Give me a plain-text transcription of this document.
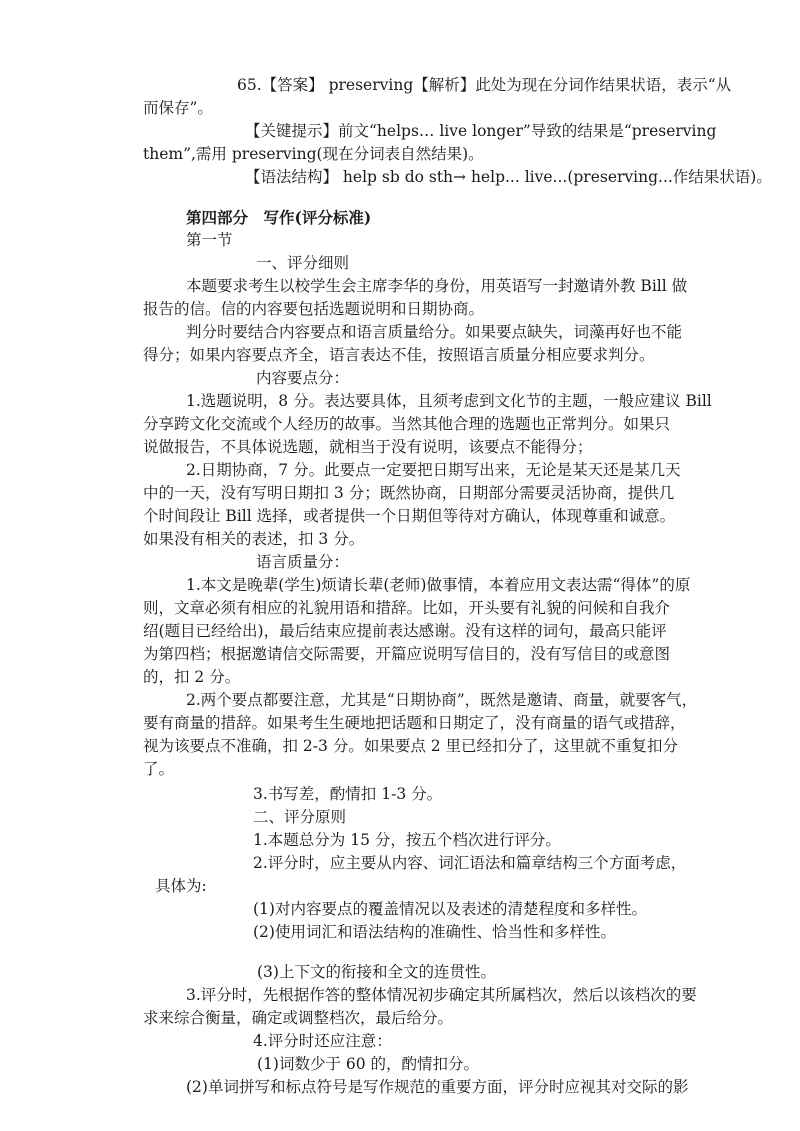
65.【答案】 preserving【解析】此处为现在分词作结果状语，表示“从
而保存”。
【关键提示】前文“helps… live longer”导致的结果是“preserving
them”,需用 preserving(现在分词表自然结果)。
【语法结构】 help sb do sth→ help... live...(preserving...作结果状语)。
第四部分　写作(评分标准)
第一节
一、评分细则
本题要求考生以校学生会主席李华的身份，用英语写一封邀请外教 Bill 做
报告的信。信的内容要包括选题说明和日期协商。
判分时要结合内容要点和语言质量给分。如果要点缺失，词藻再好也不能
得分；如果内容要点齐全，语言表达不佳，按照语言质量分相应要求判分。
内容要点分：
1.选题说明，8 分。表达要具体，且须考虑到文化节的主题，一般应建议 Bill
分享跨文化交流或个人经历的故事。当然其他合理的选题也正常判分。如果只
说做报告，不具体说选题，就相当于没有说明，该要点不能得分；
2.日期协商，7 分。此要点一定要把日期写出来，无论是某天还是某几天
中的一天，没有写明日期扣 3 分；既然协商，日期部分需要灵活协商，提供几
个时间段让 Bill 选择，或者提供一个日期但等待对方确认，体现尊重和诚意。
如果没有相关的表述，扣 3 分。
语言质量分：
1.本文是晚辈(学生)烦请长辈(老师)做事情，本着应用文表达需“得体”的原
则，文章必须有相应的礼貌用语和措辞。比如，开头要有礼貌的问候和自我介
绍(题目已经给出)，最后结束应提前表达感谢。没有这样的词句，最高只能评
为第四档；根据邀请信交际需要，开篇应说明写信目的，没有写信目的或意图
的，扣 2 分。
2.两个要点都要注意，尤其是“日期协商”，既然是邀请、商量，就要客气，
要有商量的措辞。如果考生生硬地把话题和日期定了，没有商量的语气或措辞，
视为该要点不准确，扣 2-3 分。如果要点 2 里已经扣分了，这里就不重复扣分
了。
3.书写差，酌情扣 1-3 分。
二、评分原则
1.本题总分为 15 分，按五个档次进行评分。
2.评分时，应主要从内容、词汇语法和篇章结构三个方面考虑，
具体为:
(1)对内容要点的覆盖情况以及表述的清楚程度和多样性。
(2)使用词汇和语法结构的准确性、恰当性和多样性。
(3)上下文的衔接和全文的连贯性。
3.评分时，先根据作答的整体情况初步确定其所属档次，然后以该档次的要
求来综合衡量，确定或调整档次，最后给分。
4.评分时还应注意：
(1)词数少于 60 的，酌情扣分。
(2)单词拼写和标点符号是写作规范的重要方面，评分时应视其对交际的影
